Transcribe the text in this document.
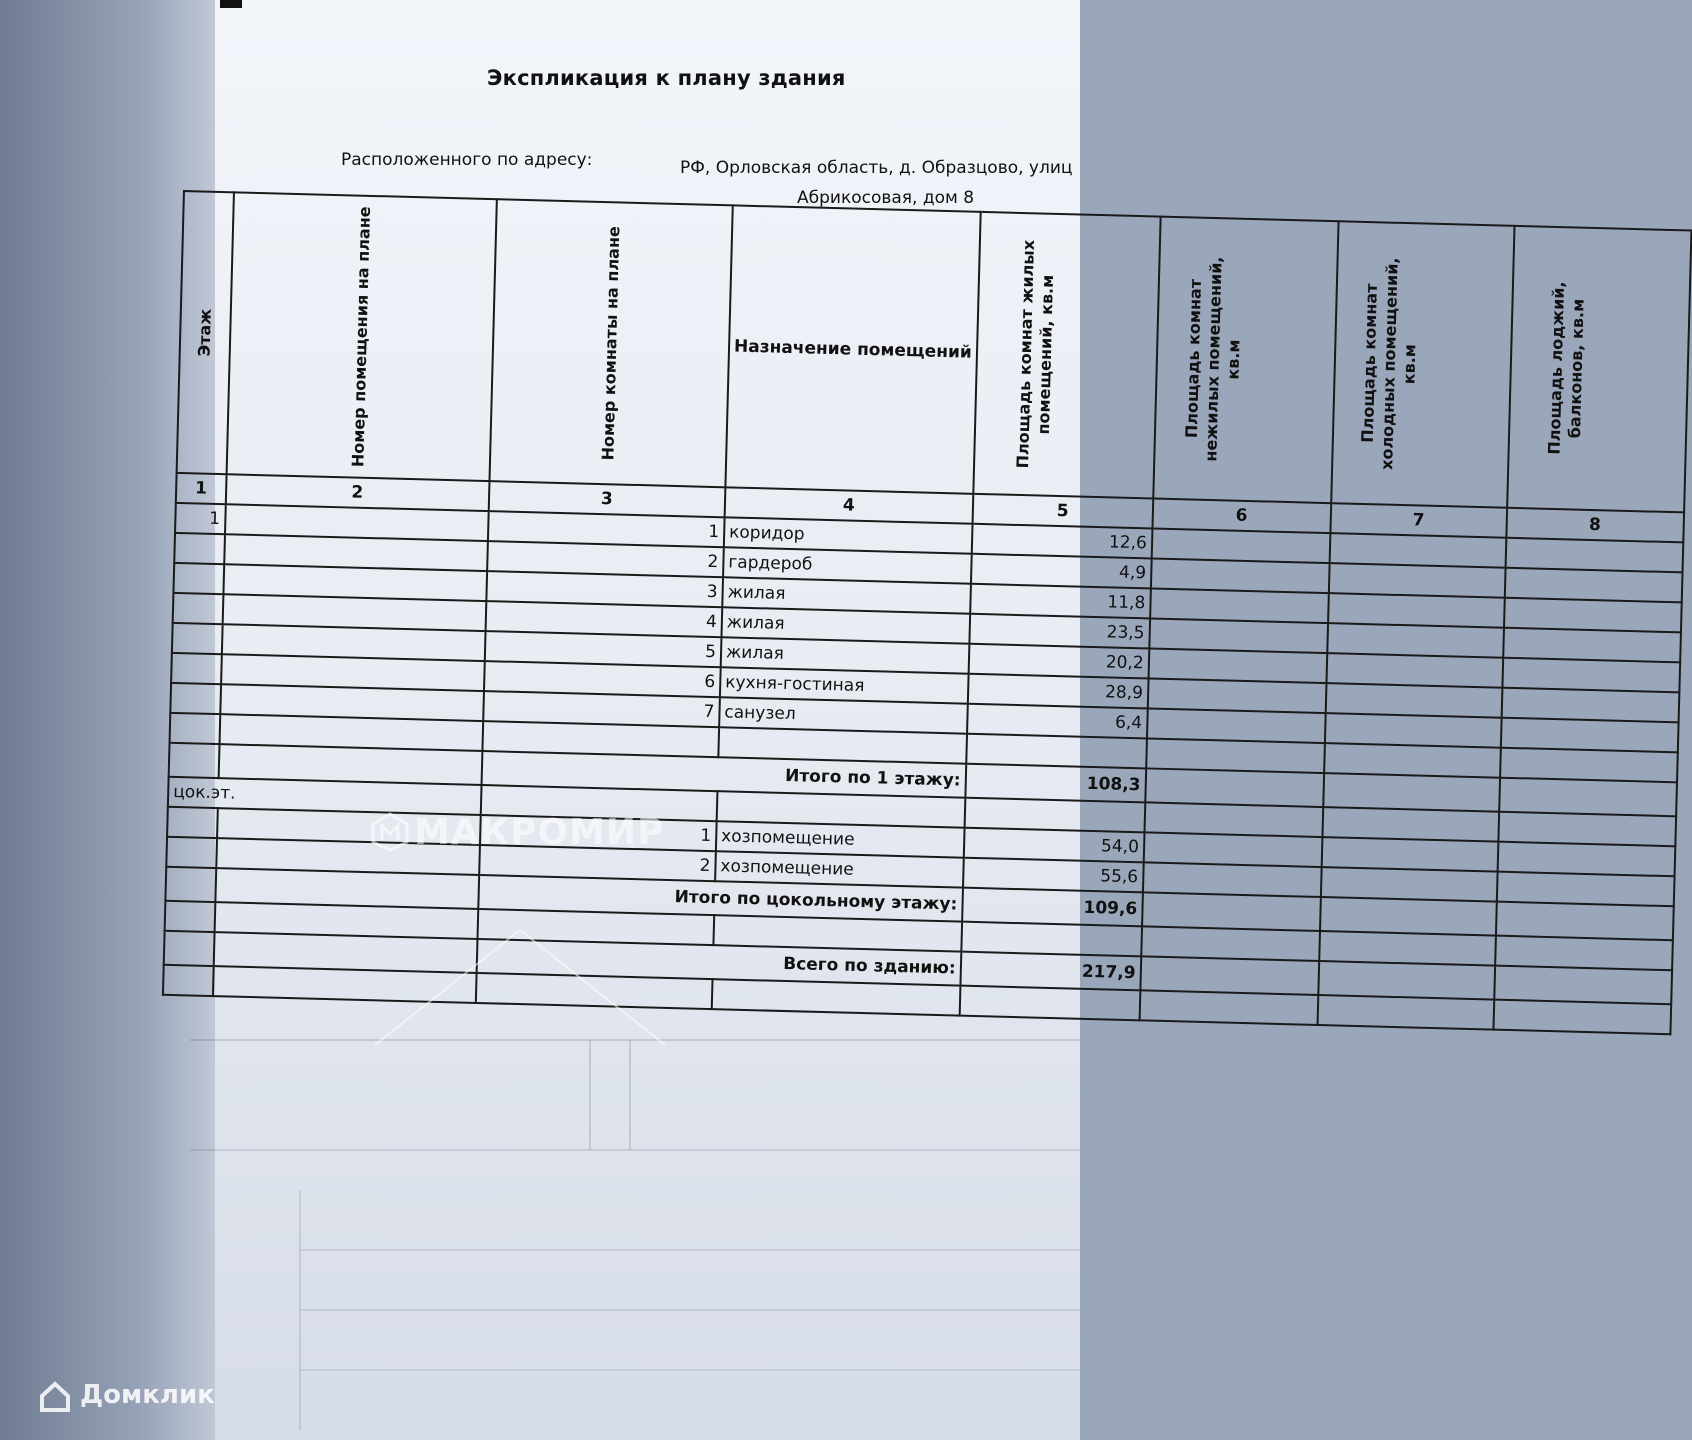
Экспликация к плану здания
Расположенного по адресу:	РФ, Орловская область, д. Образцово, улиц
Абрикосовая, дом 8
Этаж	Номер помещения на плане	Номер комнаты на плане	Назначение помещений	Площадь комнат жилых помещений, кв.м	Площадь комнат нежилых помещений, кв.м	Площадь комнат холодных помещений, кв.м	Площадь лоджий, балконов, кв.м

1	2	3	4	5	6	7	8
1		1	коридор	12,6			
		2	гардероб	4,9			
		3	жилая	11,8			
		4	жилая	23,5			
		5	жилая	20,2			
		6	кухня-гостиная	28,9			
		7	санузел	6,4			

		Итого по 1 этажу:		108,3			
цок.эт.							
		1	хозпомещение	54,0			
		2	хозпомещение	55,6			
		Итого по цокольному этажу:		109,6			

		Всего по зданию:		217,9			

МАКРОМИР
Домклик
